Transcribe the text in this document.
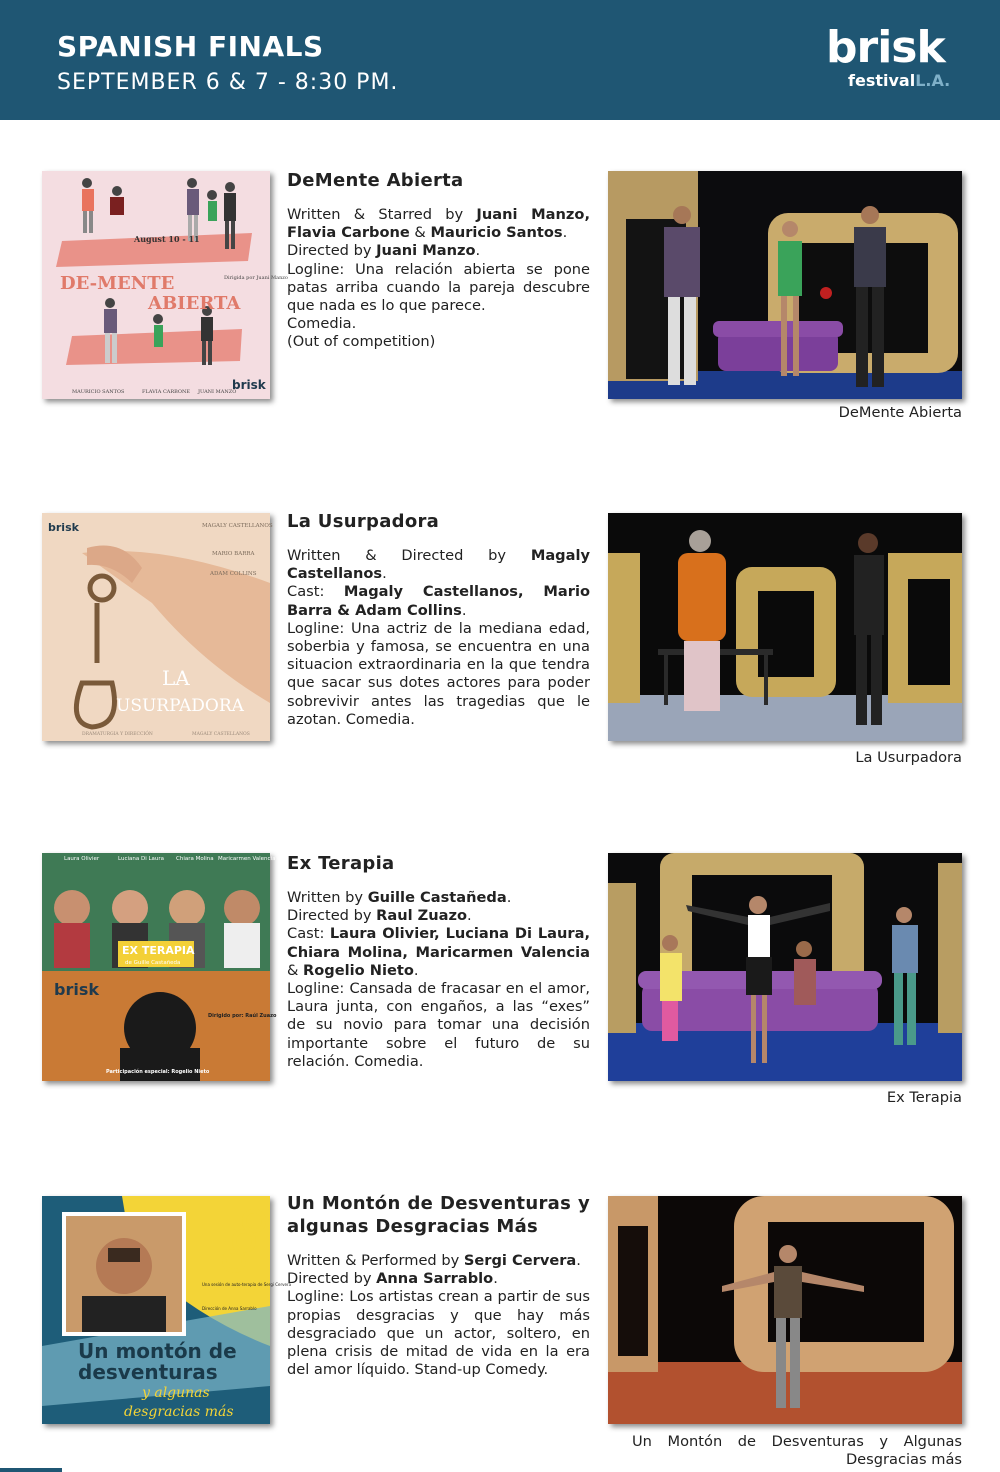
SPANISH FINALS
SEPTEMBER 6 & 7 - 8:30 PM.
brisk
festivalL.A.
August 10 - 11
DE-MENTE
ABIERTA
Dirigida por Juani Manzo
MAURICIO SANTOS	FLAVIA CARBONE JUANI MANZO
brisk
DeMente Abierta
Written & Starred by Juani Manzo, Flavia Carbone & Mauricio Santos.
Directed by Juani Manzo.
Logline: Una relación abierta se pone patas arriba cuando la pareja descubre que nada es lo que parece.
Comedia.
(Out of competition)
DeMente Abierta
brisk	MAGALY CASTELLANOS
MARIO BARRA
ADAM COLLINS
LA
USURPADORA
DRAMATURGIA Y DIRECCIÓN	MAGALY CASTELLANOS
La Usurpadora
Written & Directed by Magaly Castellanos.
Cast: Magaly Castellanos, Mario Barra & Adam Collins.
Logline: Una actriz de la mediana edad, soberbia y famosa, se encuentra en una situacion extraordinaria en la que tendra que sacar sus dotes actores para poder sobrevivir antes las tragedias que le azotan. Comedia.
La Usurpadora
EX TERAPIA
de Guille Castañeda
Laura Olivier	Luciana Di Laura Chiara Molina Maricarmen Valencia
brisk
Dirigido por: Raúl Zuazo
Participación especial: Rogelio Nieto
Ex Terapia
Written by Guille Castañeda.
Directed by Raul Zuazo.
Cast: Laura Olivier, Luciana Di Laura, Chiara Molina, Maricarmen Valencia & Rogelio Nieto.
Logline: Cansada de fracasar en el amor, Laura junta, con engaños, a las “exes” de su novio para tomar una decisión importante sobre el futuro de su relación. Comedia.
Ex Terapia
Una sesión de auto-terapia de Sergi Cervera
Dirección de Anna Sarrablo
Un montón de
desventuras
y algunas
desgracias más
Un Montón de Desventuras y algunas Desgracias Más
Written & Performed by Sergi Cervera.
Directed by Anna Sarrablo.
Logline: Los artistas crean a partir de sus propias desgracias y que hay más desgraciado que un actor, soltero, en plena crisis de mitad de vida en la era del amor líquido. Stand-up Comedy.
Un Montón de Desventuras y Algunas Desgracias más
